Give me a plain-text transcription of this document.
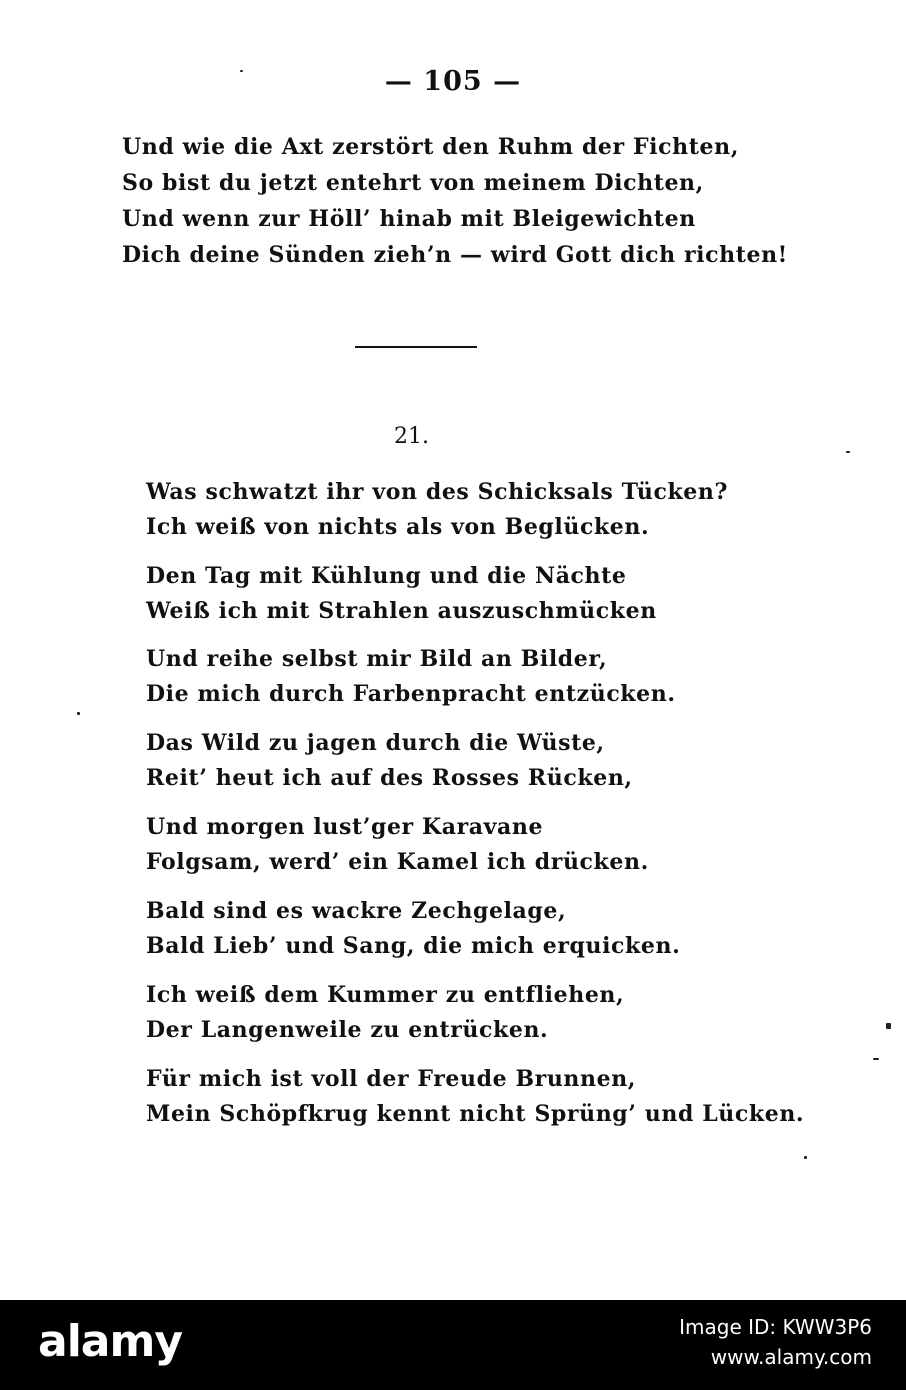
— 105 —
Und wie die Axt zerstört den Ruhm der Fichten,
So bist du jetzt entehrt von meinem Dichten,
Und wenn zur Höll’ hinab mit Bleigewichten
Dich deine Sünden zieh’n — wird Gott dich richten!
21.
Was schwatzt ihr von des Schicksals Tücken?
Ich weiß von nichts als von Beglücken.
Den Tag mit Kühlung und die Nächte
Weiß ich mit Strahlen auszuschmücken
Und reihe selbst mir Bild an Bilder,
Die mich durch Farbenpracht entzücken.
Das Wild zu jagen durch die Wüste,
Reit’ heut ich auf des Rosses Rücken,
Und morgen lust’ger Karavane
Folgsam, werd’ ein Kamel ich drücken.
Bald sind es wackre Zechgelage,
Bald Lieb’ und Sang, die mich erquicken.
Ich weiß dem Kummer zu entfliehen,
Der Langenweile zu entrücken.
Für mich ist voll der Freude Brunnen,
Mein Schöpfkrug kennt nicht Sprüng’ und Lücken.
alamy	Image ID: KWW3P6
www.alamy.com
